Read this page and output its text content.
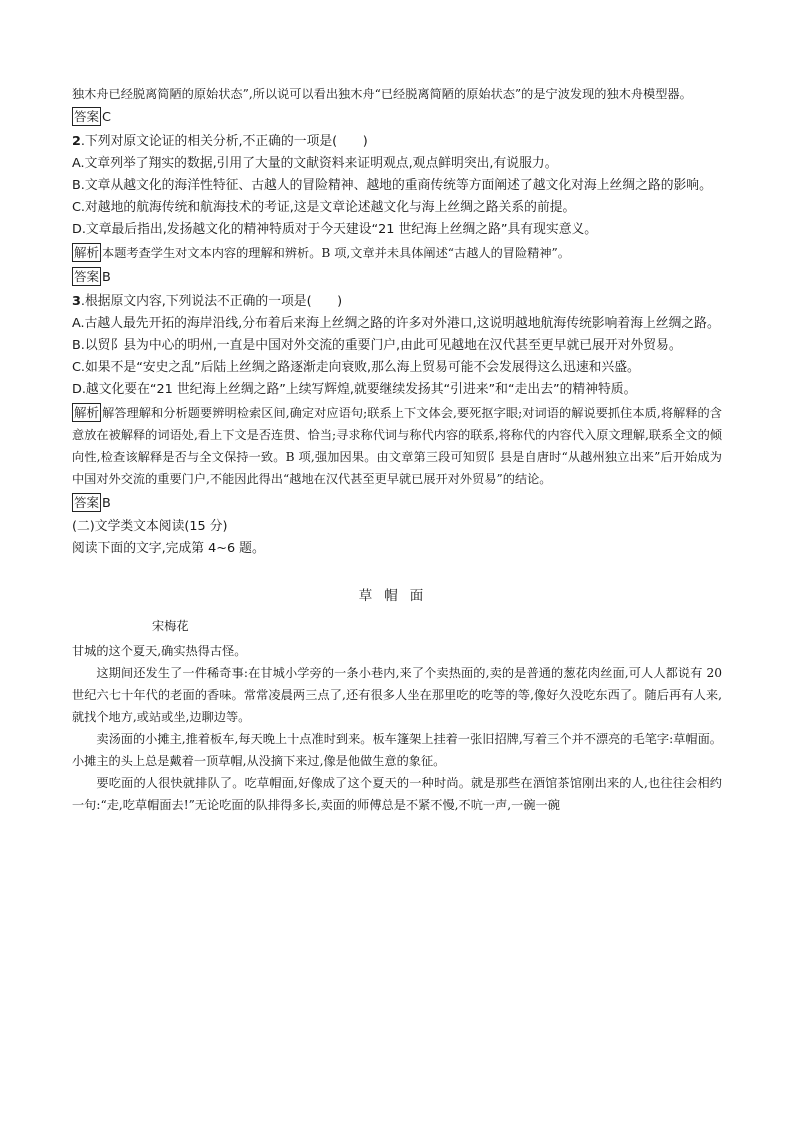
独木舟已经脱离简陋的原始状态”,所以说可以看出独木舟“已经脱离简陋的原始状态”的是宁波发现的独木舟模型器。

答案 C
2.下列对原文论证的相关分析,不正确的一项是(　　)

A.文章列举了翔实的数据,引用了大量的文献资料来证明观点,观点鲜明突出,有说服力。

B.文章从越文化的海洋性特征、古越人的冒险精神、越地的重商传统等方面阐述了越文化对海上丝绸之路的影响。

C.对越地的航海传统和航海技术的考证,这是文章论述越文化与海上丝绸之路关系的前提。

D.文章最后指出,发扬越文化的精神特质对于今天建设“21 世纪海上丝绸之路”具有现实意义。

解析 本题考查学生对文本内容的理解和辨析。B 项,文章并未具体阐述“古越人的冒险精神”。
答案 B
3.根据原文内容,下列说法不正确的一项是(　　)

A.古越人最先开拓的海岸沿线,分布着后来海上丝绸之路的许多对外港口,这说明越地航海传统影响着海上丝绸之路。

B.以贸阝县为中心的明州,一直是中国对外交流的重要门户,由此可见越地在汉代甚至更早就已展开对外贸易。

C.如果不是“安史之乱”后陆上丝绸之路逐渐走向衰败,那么海上贸易可能不会发展得这么迅速和兴盛。

D.越文化要在“21 世纪海上丝绸之路”上续写辉煌,就要继续发扬其“引进来”和“走出去”的精神特质。

解析 解答理解和分析题要辨明检索区间,确定对应语句;联系上下文体会,要死抠字眼;对词语的解说要抓住本质,将解释的含意放在被解释的词语处,看上下文是否连贯、恰当;寻求称代词与称代内容的联系,将称代的内容代入原文理解,联系全文的倾向性,检查该解释是否与全文保持一致。B 项,强加因果。由文章第三段可知贸阝县是自唐时“从越州独立出来”后开始成为中国对外交流的重要门户,不能因此得出“越地在汉代甚至更早就已展开对外贸易”的结论。
答案 B

(二)文学类文本阅读(15 分)

阅读下面的文字,完成第 4~6 题。

草帽面

宋梅花

甘城的这个夏天,确实热得古怪。

这期间还发生了一件稀奇事:在甘城小学旁的一条小巷内,来了个卖热面的,卖的是普通的葱花肉丝面,可人人都说有 20 世纪六七十年代的老面的香味。常常凌晨两三点了,还有很多人坐在那里吃的吃等的等,像好久没吃东西了。随后再有人来,就找个地方,或站或坐,边聊边等。

卖汤面的小摊主,推着板车,每天晚上十点准时到来。板车篷架上挂着一张旧招牌,写着三个并不漂亮的毛笔字:草帽面。小摊主的头上总是戴着一顶草帽,从没摘下来过,像是他做生意的象征。

要吃面的人很快就排队了。吃草帽面,好像成了这个夏天的一种时尚。就是那些在酒馆茶馆刚出来的人,也往往会相约一句:“走,吃草帽面去!”无论吃面的队排得多长,卖面的师傅总是不紧不慢,不吭一声,一碗一碗
